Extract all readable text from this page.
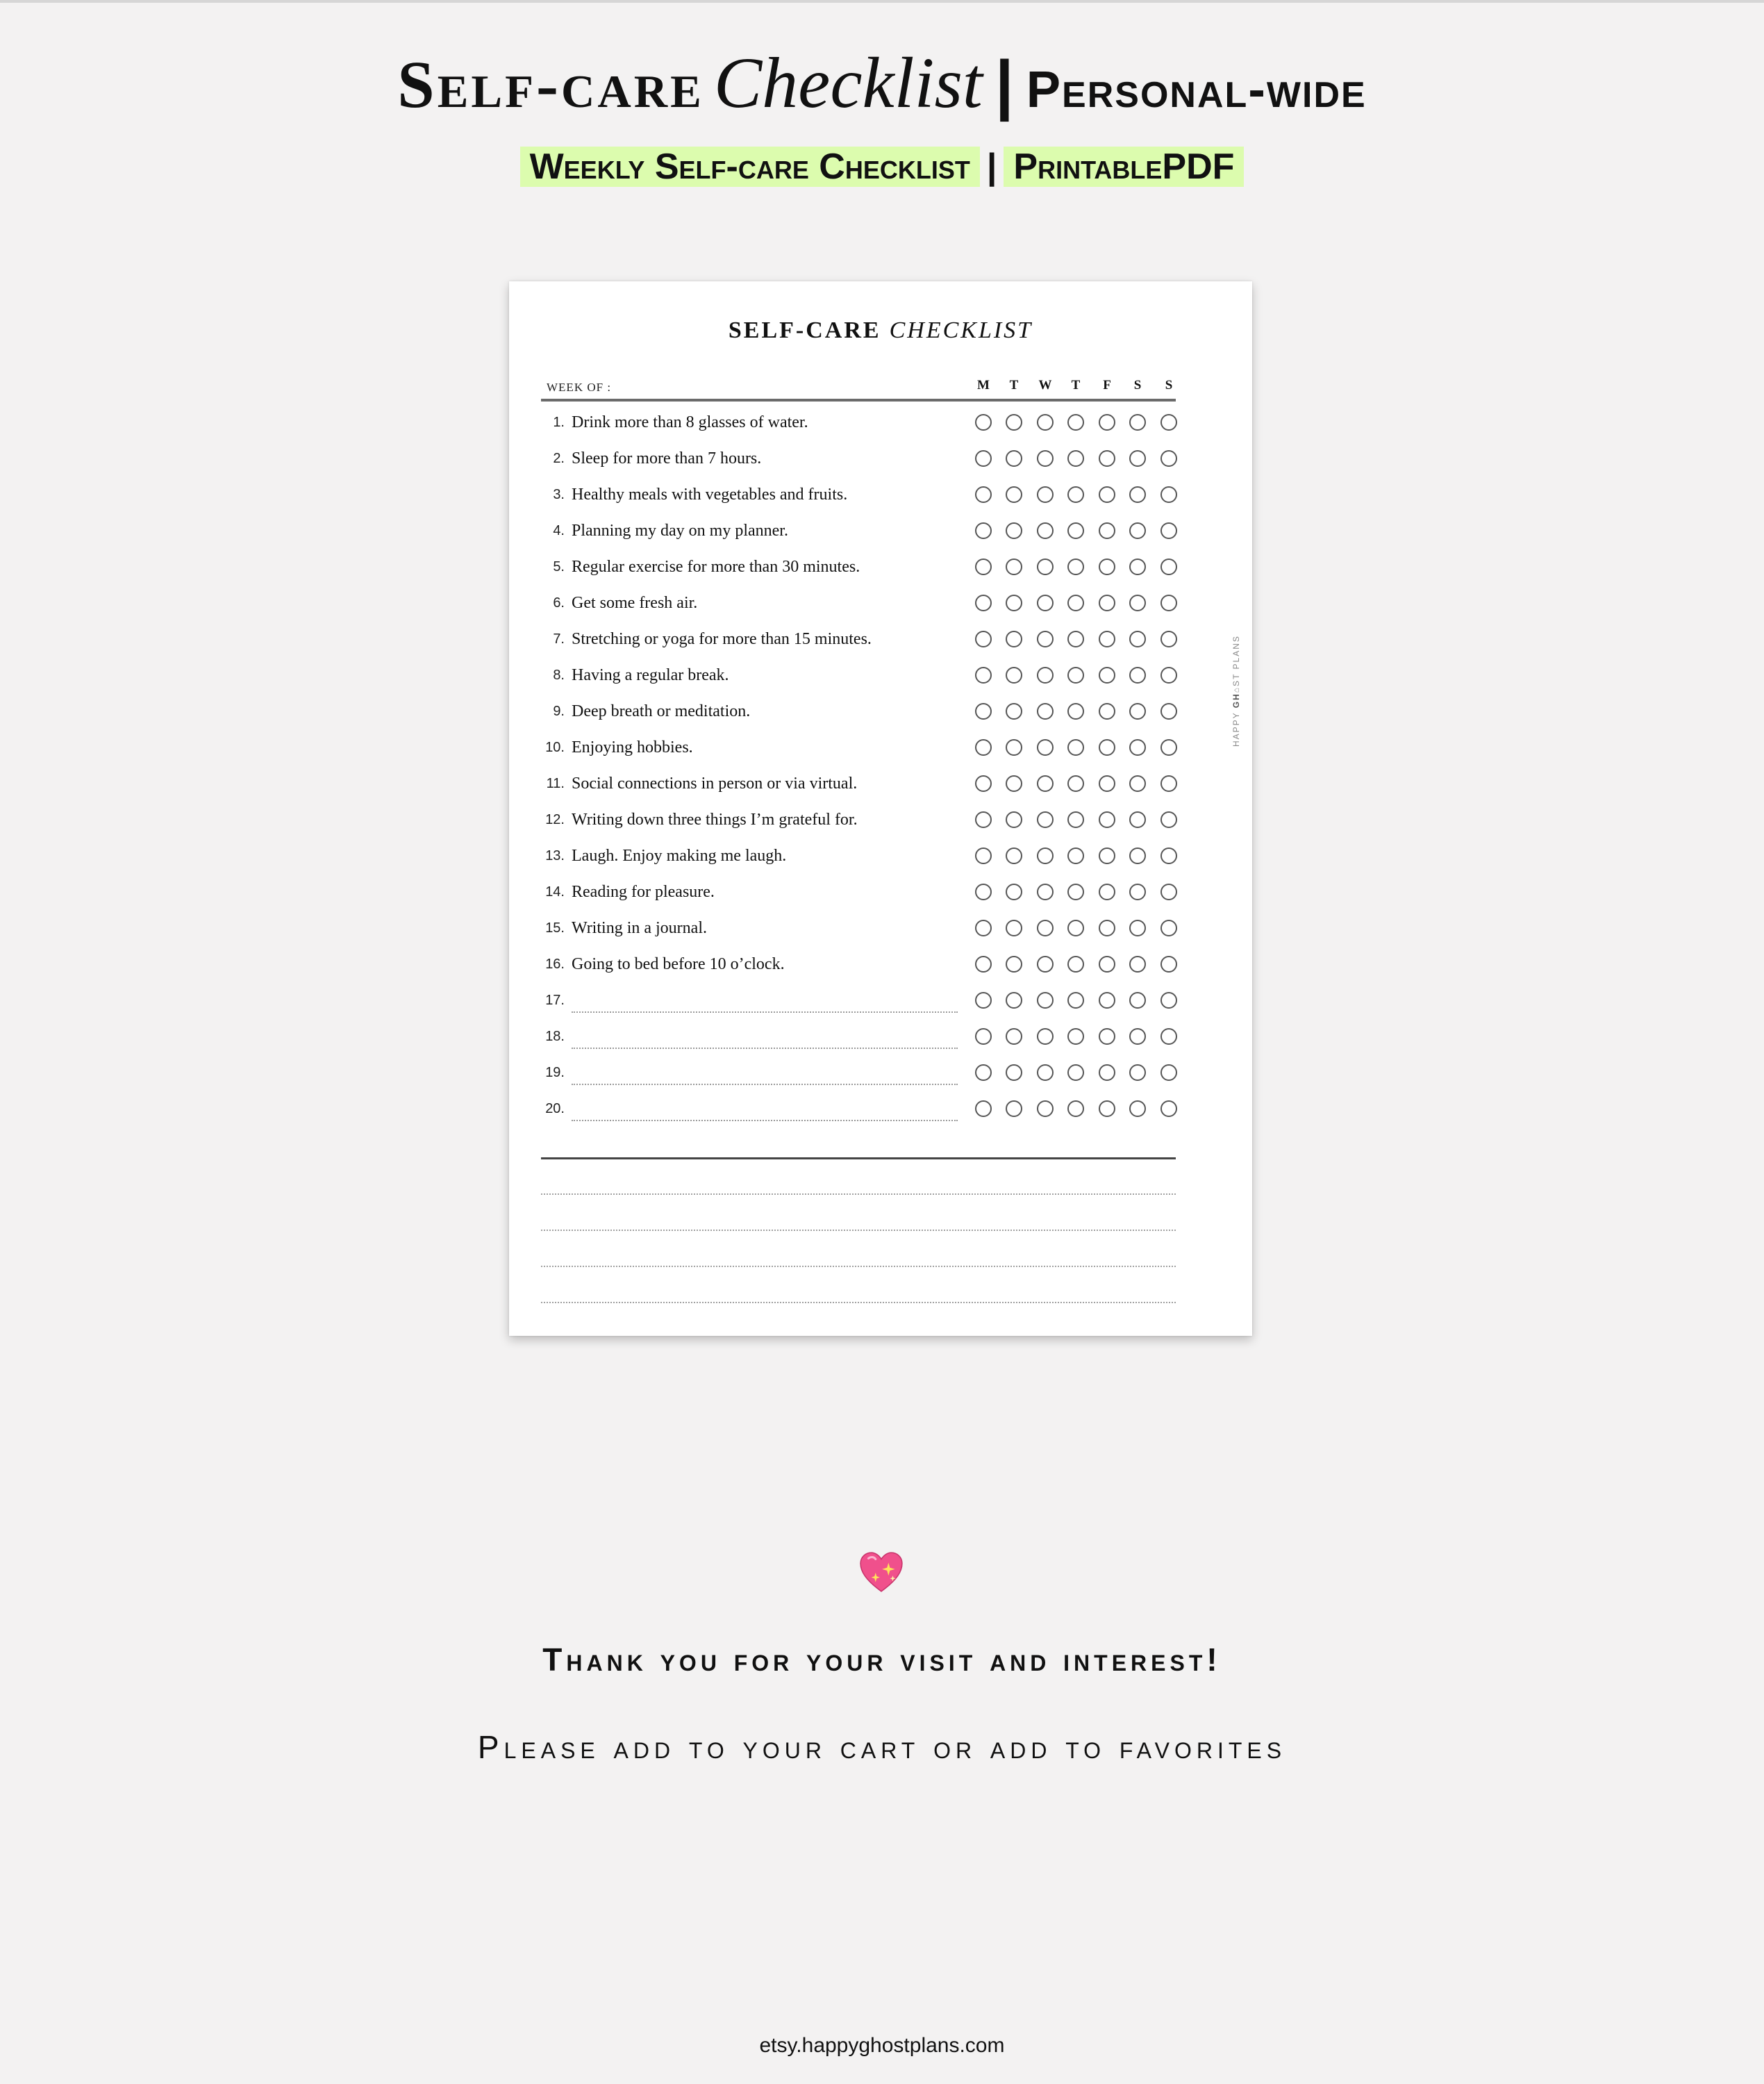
Self-care Checklist | Personal-wide
Weekly Self-care Checklist | PrintablePDF
SELF-CARE CHECKLIST
WEEK OF :
HAPPY GH⌂ST PLANS
M	T	W	T	F	S	S
1. Drink more than 8 glasses of water.
2. Sleep for more than 7 hours.
3. Healthy meals with vegetables and fruits.
4. Planning my day on my planner.
5. Regular exercise for more than 30 minutes.
6. Get some fresh air.
7. Stretching or yoga for more than 15 minutes.
8. Having a regular break.
9. Deep breath or meditation.
10. Enjoying hobbies.
11. Social connections in person or via virtual.
12. Writing down three things I’m grateful for.
13. Laugh. Enjoy making me laugh.
14. Reading for pleasure.
15. Writing in a journal.
16. Going to bed before 10 o’clock.
17.
18.
19.
20.
Thank you for your visit and interest!
Please add to your cart or add to favorites
etsy.happyghostplans.com
